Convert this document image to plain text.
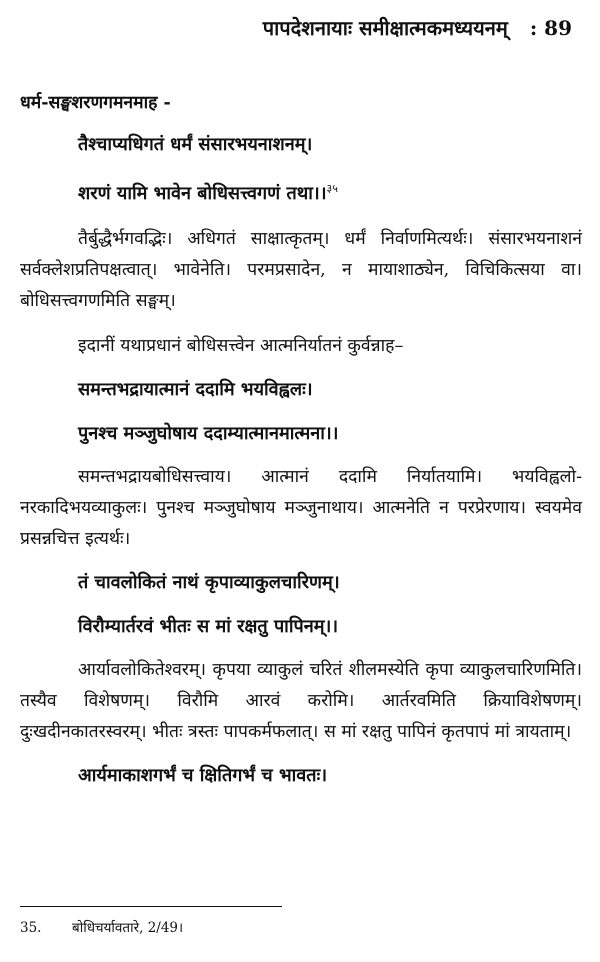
पापदेशनायाः समीक्षात्मकमध्ययनम् : 89

धर्म-सङ्घशरणगमनमाह -

तैश्चाप्यधिगतं धर्मं संसारभयनाशनम्।

शरणं यामि भावेन बोधिसत्त्वगणं तथा।।$^{३५}$

तैर्बुद्धैर्भगवद्भिः। अधिगतं साक्षात्कृतम्। धर्मं निर्वाणमित्यर्थः। संसारभयनाशनं सर्वक्लेशप्रतिपक्षत्वात्। भावेनेति। परमप्रसादेन, न मायाशाठ्येन, विचिकित्सया वा। बोधिसत्त्वगणमिति सङ्घम्।

इदानीं यथाप्रधानं बोधिसत्त्वेन आत्मनिर्यातनं कुर्वन्नाह–

समन्तभद्रायात्मानं ददामि भयविह्वलः।

पुनश्च मञ्जुघोषाय ददाम्यात्मानमात्मना।।

समन्तभद्रायबोधिसत्त्वाय। आत्मानं ददामि निर्यातयामि। भयविह्वलो- नरकादिभयव्याकुलः। पुनश्च मञ्जुघोषाय मञ्जुनाथाय। आत्मनेति न परप्रेरणाय। स्वयमेव प्रसन्नचित्त इत्यर्थः।

तं चावलोकितं नाथं कृपाव्याकुलचारिणम्।

विरौम्यार्तरवं भीतः स मां रक्षतु पापिनम्।।

आर्यावलोकितेश्वरम्। कृपया व्याकुलं चरितं शीलमस्येति कृपा व्याकुलचारिणमिति। तस्यैव विशेषणम्। विरौमि आरवं करोमि। आर्तरवमिति क्रियाविशेषणम्। दुःखदीनकातरस्वरम्। भीतः त्रस्तः पापकर्मफलात्। स मां रक्षतु पापिनं कृतपापं मां त्रायताम्।

आर्यमाकाशगर्भं च क्षितिगर्भं च भावतः।

35. बोधिचर्यावतारे, 2/49।
